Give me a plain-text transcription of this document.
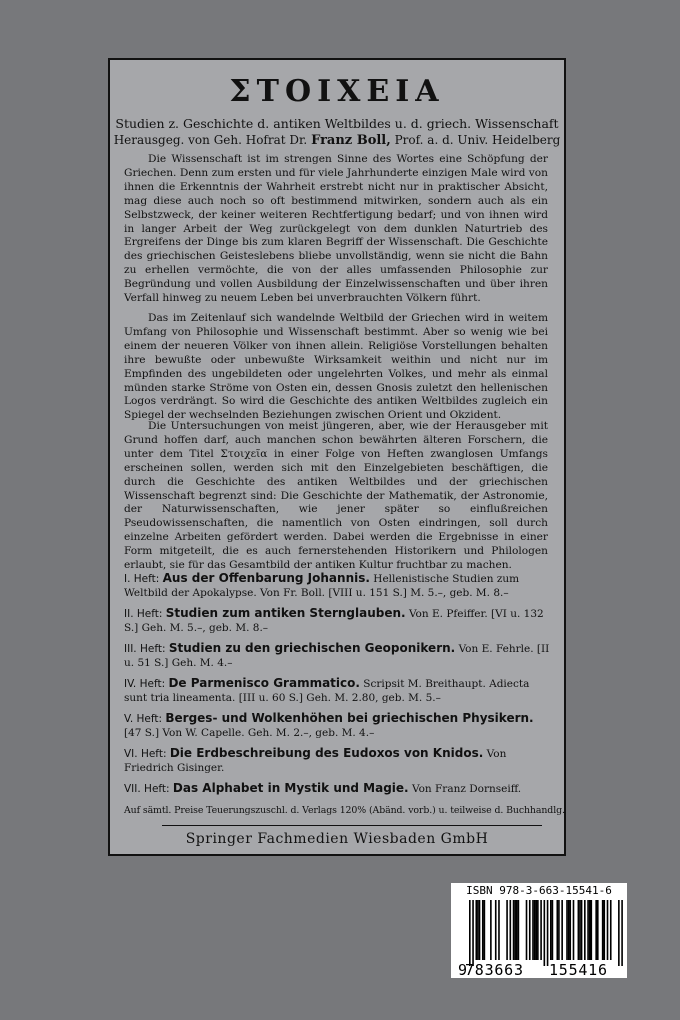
ΣΤΟΙΧΕΙΑ
Studien z. Geschichte d. antiken Weltbildes u. d. griech. Wissenschaft
Herausgeg. von Geh. Hofrat Dr. Franz Boll, Prof. a. d. Univ. Heidelberg

Die Wissenschaft ist im strengen Sinne des Wortes eine Schöpfung der Griechen. Denn zum ersten und für viele Jahrhunderte einzigen Male wird von ihnen die Erkenntnis der Wahrheit erstrebt nicht nur in praktischer Absicht, mag diese auch noch so oft bestimmend mitwirken, sondern auch als ein Selbstzweck, der keiner weiteren Rechtfertigung bedarf; und von ihnen wird in langer Arbeit der Weg zurückgelegt von dem dunklen Naturtrieb des Ergreifens der Dinge bis zum klaren Begriff der Wissenschaft. Die Geschichte des griechischen Geisteslebens bliebe unvollständig, wenn sie nicht die Bahn zu erhellen vermöchte, die von der alles umfassenden Philosophie zur Begründung und vollen Ausbildung der Einzelwissenschaften und über ihren Verfall hinweg zu neuem Leben bei unverbrauchten Völkern führt.

Das im Zeitenlauf sich wandelnde Weltbild der Griechen wird in weitem Umfang von Philosophie und Wissenschaft bestimmt. Aber so wenig wie bei einem der neueren Völker von ihnen allein. Religiöse Vorstellungen behalten ihre bewußte oder unbewußte Wirksamkeit weithin und nicht nur im Empfinden des ungebildeten oder ungelehrten Volkes, und mehr als einmal münden starke Ströme von Osten ein, dessen Gnosis zuletzt den hellenischen Logos verdrängt. So wird die Geschichte des antiken Weltbildes zugleich ein Spiegel der wechselnden Beziehungen zwischen Orient und Okzident.

Die Untersuchungen von meist jüngeren, aber, wie der Herausgeber mit Grund hoffen darf, auch manchen schon bewährten älteren Forschern, die unter dem Titel Στοιχεῖα in einer Folge von Heften zwanglosen Umfangs erscheinen sollen, werden sich mit den Einzelgebieten beschäftigen, die durch die Geschichte des antiken Weltbildes und der griechischen Wissenschaft begrenzt sind: Die Geschichte der Mathematik, der Astronomie, der Naturwissenschaften, wie jener später so einflußreichen Pseudowissenschaften, die namentlich von Osten eindringen, soll durch einzelne Arbeiten gefördert werden. Dabei werden die Ergebnisse in einer Form mitgeteilt, die es auch fernerstehenden Historikern und Philologen erlaubt, sie für das Gesamtbild der antiken Kultur fruchtbar zu machen.

I. Heft: Aus der Offenbarung Johannis. Hellenistische Studien zum Weltbild der Apokalypse. Von Fr. Boll. [VIII u. 151 S.] M. 5.–, geb. M. 8.–
II. Heft: Studien zum antiken Sternglauben. Von E. Pfeiffer. [VI u. 132 S.] Geh. M. 5.–, geb. M. 8.–
III. Heft: Studien zu den griechischen Geoponikern. Von E. Fehrle. [II u. 51 S.] Geh. M. 4.–
IV. Heft: De Parmenisco Grammatico. Scripsit M. Breithaupt. Adiecta sunt tria lineamenta. [III u. 60 S.] Geh. M. 2.80, geb. M. 5.–
V. Heft: Berges- und Wolkenhöhen bei griechischen Physikern. [47 S.] Von W. Capelle. Geh. M. 2.–, geb. M. 4.–
VI. Heft: Die Erdbeschreibung des Eudoxos von Knidos. Von Friedrich Gisinger.
VII. Heft: Das Alphabet in Mystik und Magie. Von Franz Dornseiff.
Auf sämtl. Preise Teuerungszuschl. d. Verlags 120% (Abänd. vorb.) u. teilweise d. Buchhandlg.
Springer Fachmedien Wiesbaden GmbH
ISBN 978-3-663-15541-6
9
783663 155416
